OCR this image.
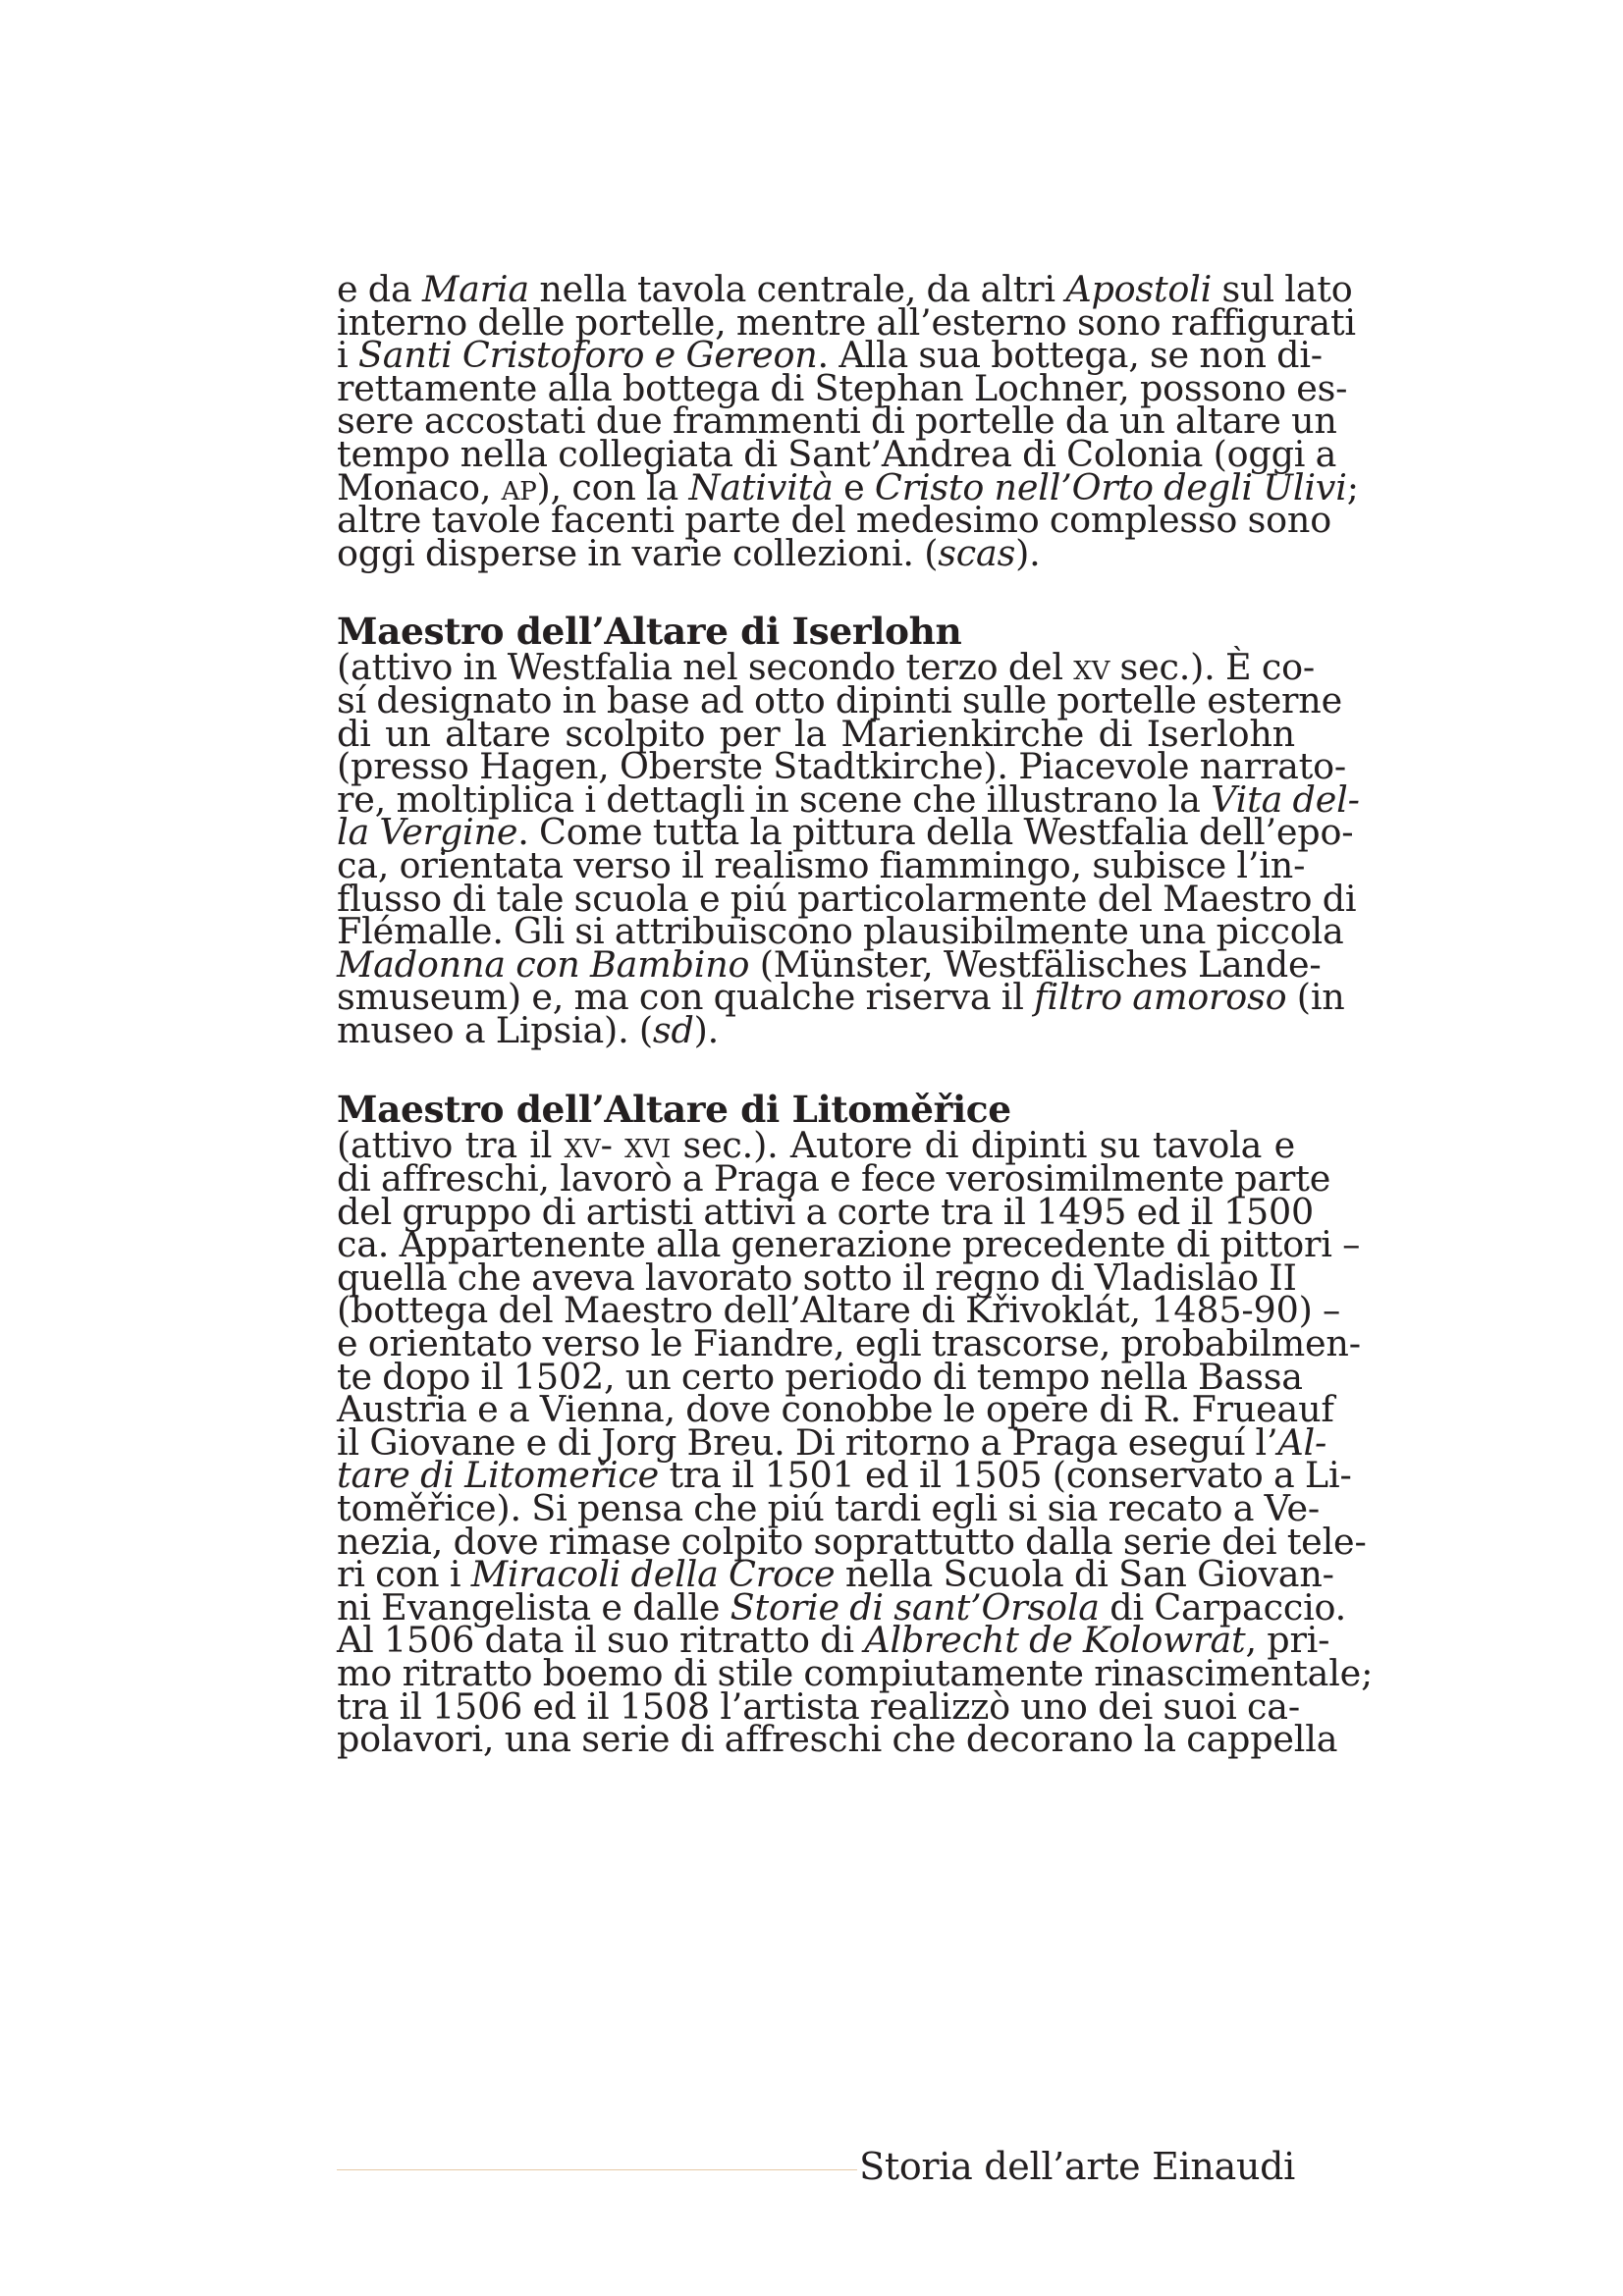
e da Maria nella tavola centrale, da altri Apostoli sul lato
interno delle portelle, mentre all’esterno sono raffigurati
i Santi Cristoforo e Gereon. Alla sua bottega, se non di-
rettamente alla bottega di Stephan Lochner, possono es-
sere accostati due frammenti di portelle da un altare un
tempo nella collegiata di Sant’Andrea di Colonia (oggi a
Monaco, ap), con la Natività e Cristo nell’Orto degli Ulivi;
altre tavole facenti parte del medesimo complesso sono
oggi disperse in varie collezioni. (scas).
Maestro dell’Altare di Iserlohn
(attivo in Westfalia nel secondo terzo del xv sec.). È co-
sí designato in base ad otto dipinti sulle portelle esterne
di un altare scolpito per la Marienkirche di Iserlohn
(presso Hagen, Oberste Stadtkirche). Piacevole narrato-
re, moltiplica i dettagli in scene che illustrano la Vita del-
la Vergine. Come tutta la pittura della Westfalia dell’epo-
ca, orientata verso il realismo fiammingo, subisce l’in-
flusso di tale scuola e piú particolarmente del Maestro di
Flémalle. Gli si attribuiscono plausibilmente una piccola
Madonna con Bambino (Münster, Westfälisches Lande-
smuseum) e, ma con qualche riserva il filtro amoroso (in
museo a Lipsia). (sd).
Maestro dell’Altare di Litoměřice
(attivo tra il xv- xvi sec.). Autore di dipinti su tavola e
di affreschi, lavorò a Praga e fece verosimilmente parte
del gruppo di artisti attivi a corte tra il 1495 ed il 1500
ca. Appartenente alla generazione precedente di pittori –
quella che aveva lavorato sotto il regno di Vladislao II
(bottega del Maestro dell’Altare di Křivoklát, 1485-90) –
e orientato verso le Fiandre, egli trascorse, probabilmen-
te dopo il 1502, un certo periodo di tempo nella Bassa
Austria e a Vienna, dove conobbe le opere di R. Frueauf
il Giovane e di Jorg Breu. Di ritorno a Praga eseguí l’Al-
tare di Litomeřice tra il 1501 ed il 1505 (conservato a Li-
toměřice). Si pensa che piú tardi egli si sia recato a Ve-
nezia, dove rimase colpito soprattutto dalla serie dei tele-
ri con i Miracoli della Croce nella Scuola di San Giovan-
ni Evangelista e dalle Storie di sant’Orsola di Carpaccio.
Al 1506 data il suo ritratto di Albrecht de Kolowrat, pri-
mo ritratto boemo di stile compiutamente rinascimentale;
tra il 1506 ed il 1508 l’artista realizzò uno dei suoi ca-
polavori, una serie di affreschi che decorano la cappella
Storia dell’arte Einaudi
